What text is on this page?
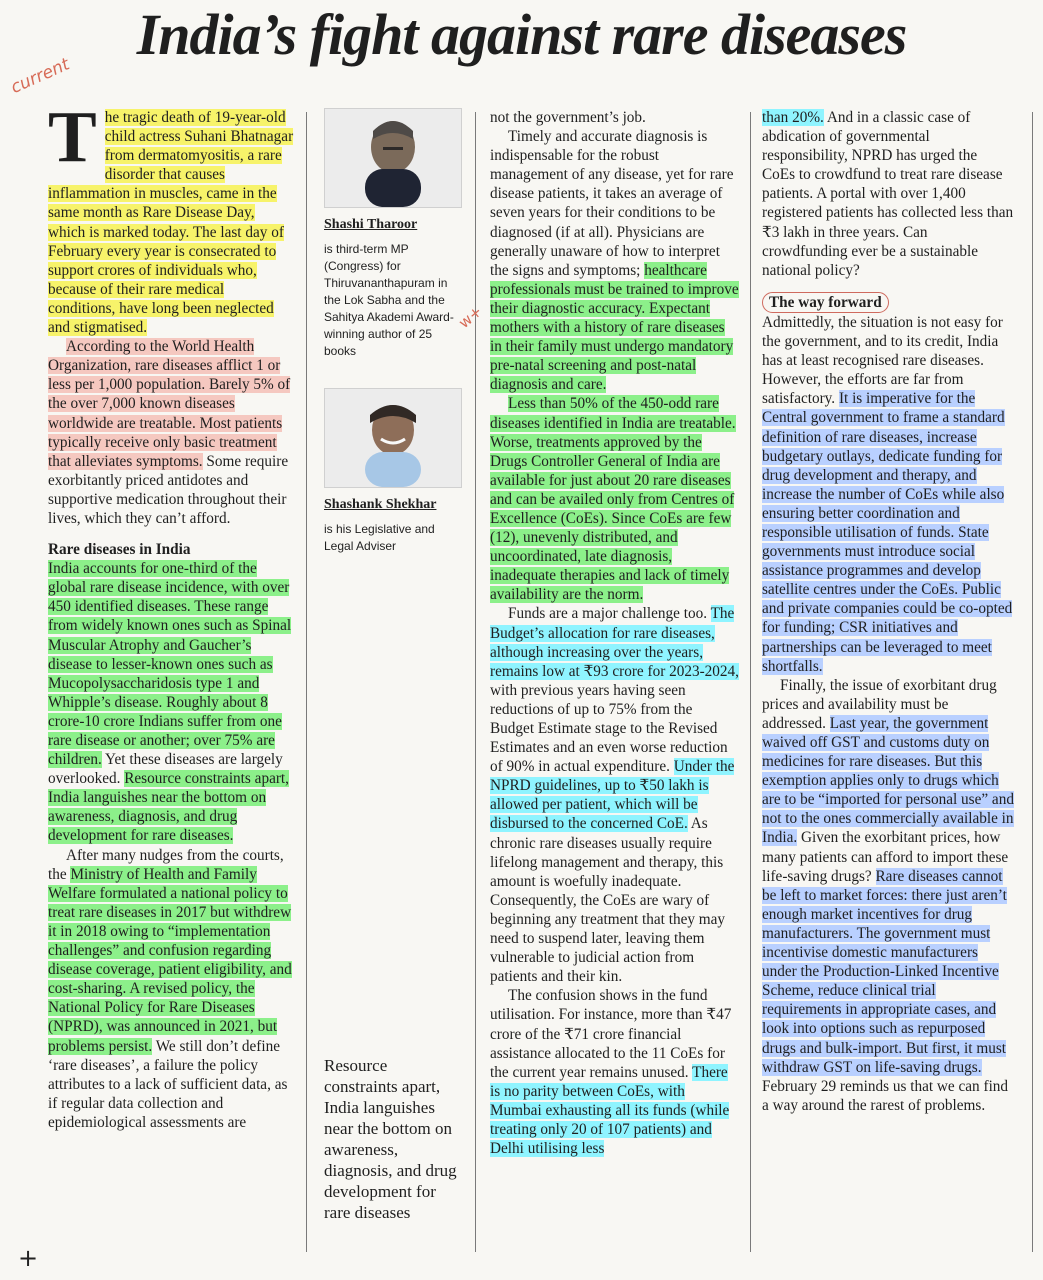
India’s fight against rare diseases
current
T he tragic death of 19-year-old child actress Suhani Bhatnagar from dermatomyositis, a rare disorder that causes inflammation in muscles, came in the same month as Rare Disease Day, which is marked today. The last day of February every year is consecrated to support crores of individuals who, because of their rare medical conditions, have long been neglected and stigmatised.

According to the World Health Organization, rare diseases afflict 1 or less per 1,000 population. Barely 5% of the over 7,000 known diseases worldwide are treatable. Most patients typically receive only basic treatment that alleviates symptoms. Some require exorbitantly priced antidotes and supportive medication throughout their lives, which they can’t afford.

Rare diseases in India

India accounts for one-third of the global rare disease incidence, with over 450 identified diseases. These range from widely known ones such as Spinal Muscular Atrophy and Gaucher’s disease to lesser-known ones such as Mucopolysaccharidosis type 1 and Whipple’s disease. Roughly about 8 crore-10 crore Indians suffer from one rare disease or another; over 75% are children. Yet these diseases are largely overlooked. Resource constraints apart, India languishes near the bottom on awareness, diagnosis, and drug development for rare diseases.

After many nudges from the courts, the Ministry of Health and Family Welfare formulated a national policy to treat rare diseases in 2017 but withdrew it in 2018 owing to “implementation challenges” and confusion regarding disease coverage, patient eligibility, and cost-sharing. A revised policy, the National Policy for Rare Diseases (NPRD), was announced in 2021, but problems persist. We still don’t define ‘rare diseases’, a failure the policy attributes to a lack of sufficient data, as if regular data collection and epidemiological assessments are

Shashi Tharoor
is third-term MP (Congress) for Thiruvananthapuram in the Lok Sabha and the Sahitya Akademi Award-winning author of 25 books
Shashank Shekhar
is his Legislative and Legal Adviser
Resource constraints apart, India languishes near the bottom on awareness, diagnosis, and drug development for rare diseases
w+

not the government’s job.

Timely and accurate diagnosis is indispensable for the robust management of any disease, yet for rare disease patients, it takes an average of seven years for their conditions to be diagnosed (if at all). Physicians are generally unaware of how to interpret the signs and symptoms; healthcare professionals must be trained to improve their diagnostic accuracy. Expectant mothers with a history of rare diseases in their family must undergo mandatory pre-natal screening and post-natal diagnosis and care.

Less than 50% of the 450-odd rare diseases identified in India are treatable. Worse, treatments approved by the Drugs Controller General of India are available for just about 20 rare diseases and can be availed only from Centres of Excellence (CoEs). Since CoEs are few (12), unevenly distributed, and uncoordinated, late diagnosis, inadequate therapies and lack of timely availability are the norm.

Funds are a major challenge too. The Budget’s allocation for rare diseases, although increasing over the years, remains low at ₹93 crore for 2023-2024, with previous years having seen reductions of up to 75% from the Budget Estimate stage to the Revised Estimates and an even worse reduction of 90% in actual expenditure. Under the NPRD guidelines, up to ₹50 lakh is allowed per patient, which will be disbursed to the concerned CoE. As chronic rare diseases usually require lifelong management and therapy, this amount is woefully inadequate. Consequently, the CoEs are wary of beginning any treatment that they may need to suspend later, leaving them vulnerable to judicial action from patients and their kin.

The confusion shows in the fund utilisation. For instance, more than ₹47 crore of the ₹71 crore financial assistance allocated to the 11 CoEs for the current year remains unused. There is no parity between CoEs, with Mumbai exhausting all its funds (while treating only 20 of 107 patients) and Delhi utilising less

than 20%. And in a classic case of abdication of governmental responsibility, NPRD has urged the CoEs to crowdfund to treat rare disease patients. A portal with over 1,400 registered patients has collected less than ₹3 lakh in three years. Can crowdfunding ever be a sustainable national policy?

The way forward

Admittedly, the situation is not easy for the government, and to its credit, India has at least recognised rare diseases. However, the efforts are far from satisfactory. It is imperative for the Central government to frame a standard definition of rare diseases, increase budgetary outlays, dedicate funding for drug development and therapy, and increase the number of CoEs while also ensuring better coordination and responsible utilisation of funds. State governments must introduce social assistance programmes and develop satellite centres under the CoEs. Public and private companies could be co-opted for funding; CSR initiatives and partnerships can be leveraged to meet shortfalls.

Finally, the issue of exorbitant drug prices and availability must be addressed. Last year, the government waived off GST and customs duty on medicines for rare diseases. But this exemption applies only to drugs which are to be “imported for personal use” and not to the ones commercially available in India. Given the exorbitant prices, how many patients can afford to import these life-saving drugs? Rare diseases cannot be left to market forces: there just aren’t enough market incentives for drug manufacturers. The government must incentivise domestic manufacturers under the Production-Linked Incentive Scheme, reduce clinical trial requirements in appropriate cases, and look into options such as repurposed drugs and bulk-import. But first, it must withdraw GST on life-saving drugs. February 29 reminds us that we can find a way around the rarest of problems.

+
